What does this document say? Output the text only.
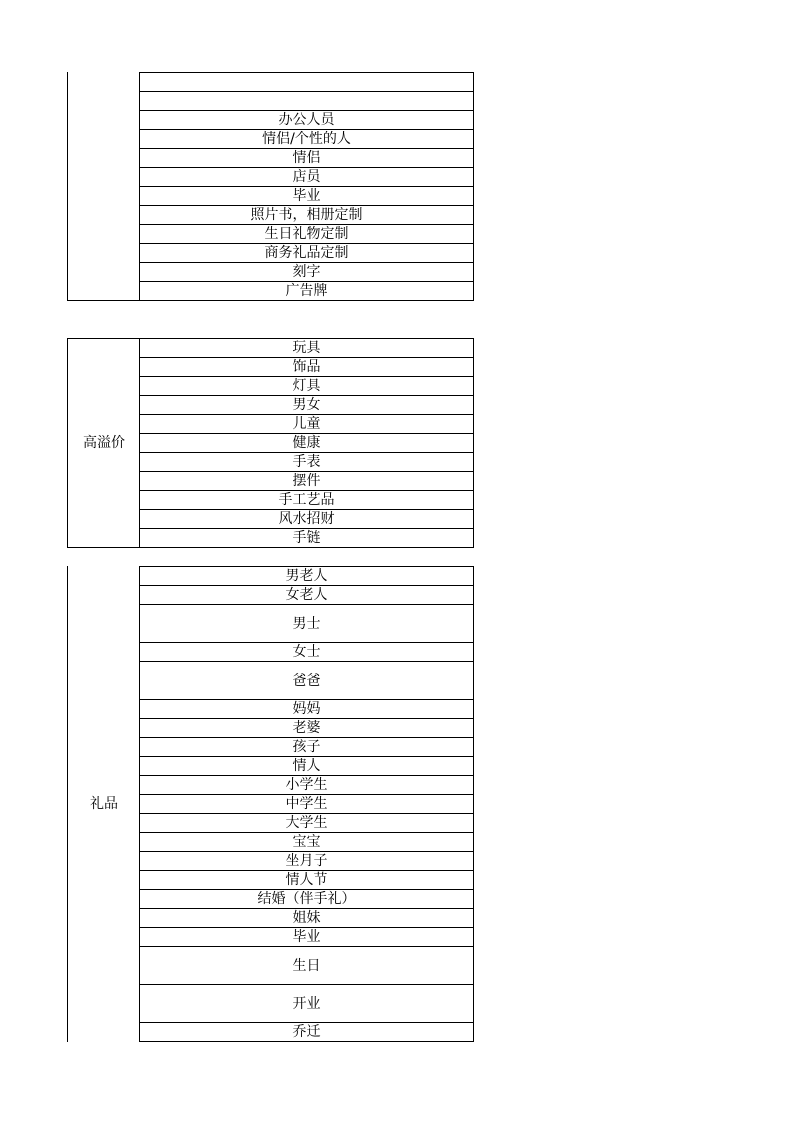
办公人员
情侣/个性的人
情侣
店员
毕业
照片书，相册定制
生日礼物定制
商务礼品定制
刻字
广告牌
高溢价
玩具
饰品
灯具
男女
儿童
健康
手表
摆件
手工艺品
风水招财
手链
礼品
男老人
女老人
男士
女士
爸爸
妈妈
老婆
孩子
情人
小学生
中学生
大学生
宝宝
坐月子
情人节
结婚（伴手礼）
姐妹
毕业
生日
开业
乔迁
